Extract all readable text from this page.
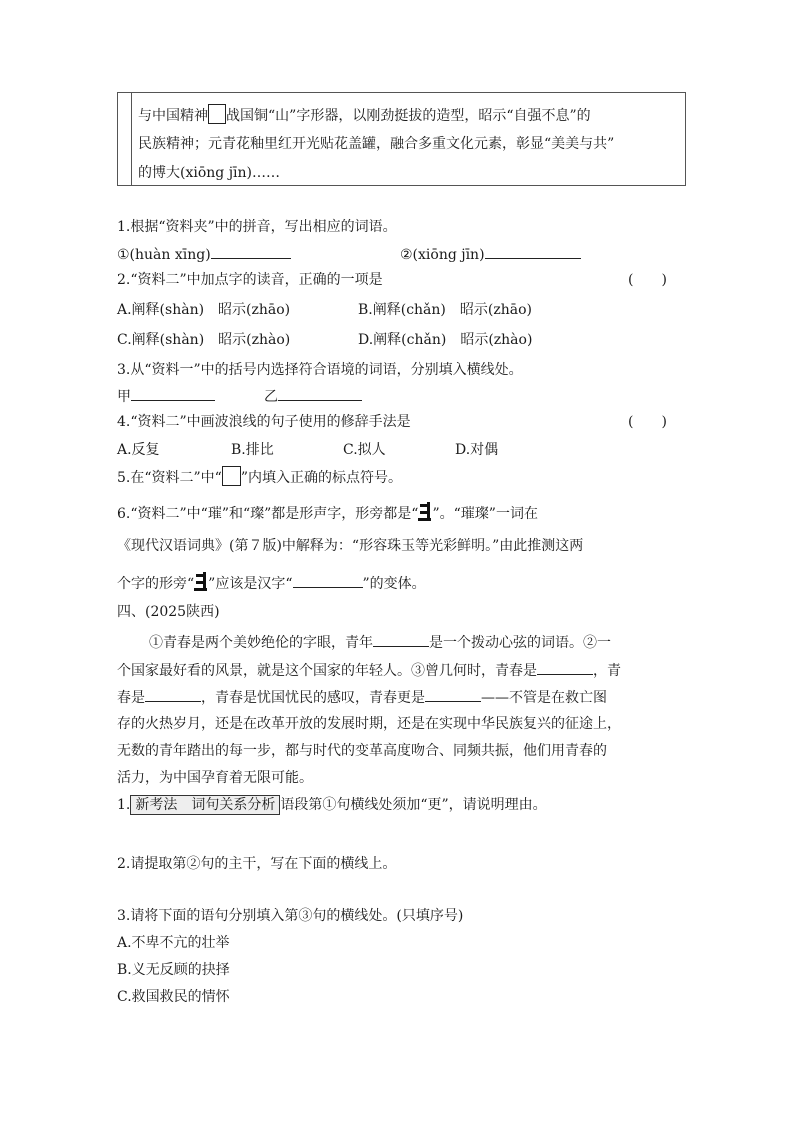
与中国精神 战国铜“山”字形器，以刚劲挺拔的造型，昭示“自强不息”的
民族精神；元青花釉里红开光贴花盖罐，融合多重文化元素，彰显“美美与共”
的博大(xiōng jīn)……
1.根据“资料夹”中的拼音，写出相应的词语。
①(huàn xīng)	②(xiōng jīn)
2.“资料二”中加点字的读音，正确的一项是	(　　)
A.阐释(shàn)　昭示(zhāo)	B.阐释(chǎn)　昭示(zhāo)
C.阐释(shàn)　昭示(zhào)	D.阐释(chǎn)　昭示(zhào)
3.从“资料一”中的括号内选择符合语境的词语，分别填入横线处。
甲	乙
4.“资料二”中画波浪线的句子使用的修辞手法是	(　　)
A.反复	B.排比	C.拟人	D.对偶
5.在“资料二”中“ ”内填入正确的标点符号。
6.“资料二”中“璀”和“璨”都是形声字，形旁都是“ ”。“璀璨”一词在
《现代汉语词典》(第７版)中解释为：“形容珠玉等光彩鲜明。”由此推测这两
个字的形旁“ ”应该是汉字“	”的变体。
四、(2025陕西)
①青春是两个美妙绝伦的字眼，青年	是一个拨动心弦的词语。②一
个国家最好看的风景，就是这个国家的年轻人。③曾几何时，青春是	，青
春是	，青春是忧国忧民的感叹，青春更是	——不管是在救亡图
存的火热岁月，还是在改革开放的发展时期，还是在实现中华民族复兴的征途上，
无数的青年踏出的每一步，都与时代的变革高度吻合、同频共振，他们用青春的
活力，为中国孕育着无限可能。
1. 新考法　词句关系分析 语段第①句横线处须加“更”，请说明理由。
2.请提取第②句的主干，写在下面的横线上。
3.请将下面的语句分别填入第③句的横线处。(只填序号)
A.不卑不亢的壮举
B.义无反顾的抉择
C.救国救民的情怀
